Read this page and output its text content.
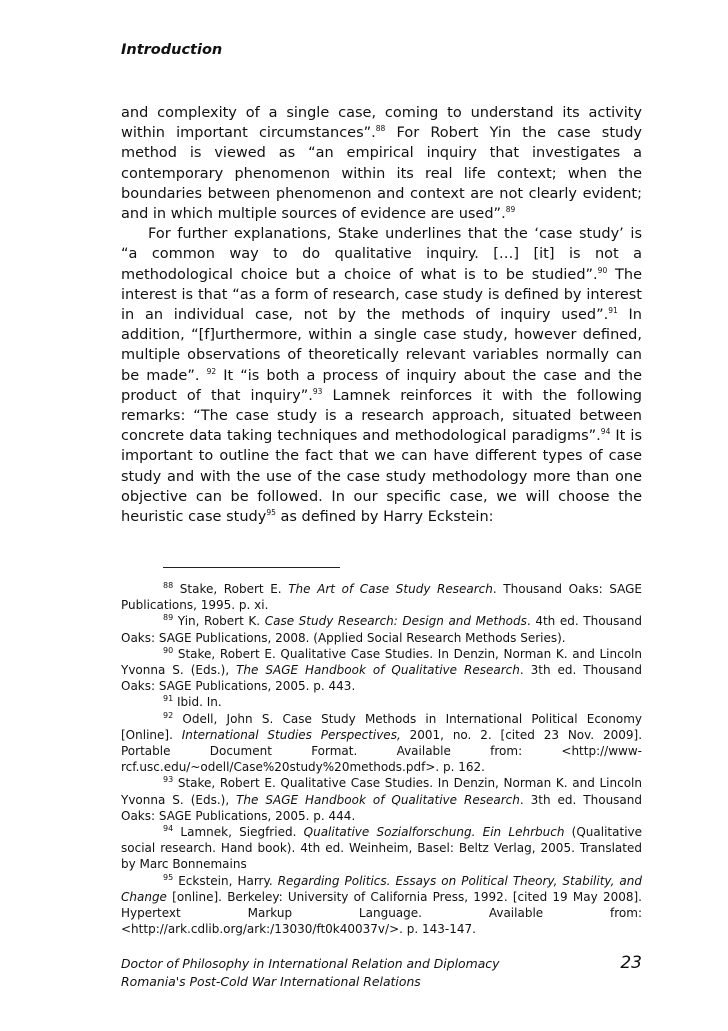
Introduction

and complexity of a single case, coming to understand its activity within important circumstances”.$^{88}$ For Robert Yin the case study method is viewed as “an empirical inquiry that investigates a contemporary phenomenon within its real life context; when the boundaries between phenomenon and context are not clearly evident; and in which multiple sources of evidence are used”.$^{89}$

For further explanations, Stake underlines that the ‘case study’ is “a common way to do qualitative inquiry. […] [it] is not a methodological choice but a choice of what is to be studied”.$^{90}$ The interest is that “as a form of research, case study is defined by interest in an individual case, not by the methods of inquiry used”.$^{91}$ In addition, “[f]urthermore, within a single case study, however defined, multiple observations of theoretically relevant variables normally can be made”. $^{92}$ It “is both a process of inquiry about the case and the product of that inquiry”.$^{93}$ Lamnek reinforces it with the following remarks: “The case study is a research approach, situated between concrete data taking techniques and methodological paradigms”.$^{94}$ It is important to outline the fact that we can have different types of case study and with the use of the case study methodology more than one objective can be followed. In our specific case, we will choose the heuristic case study$^{95}$ as defined by Harry Eckstein:

$^{88}$ Stake, Robert E. The Art of Case Study Research. Thousand Oaks: SAGE Publications, 1995. p. xi.

$^{89}$ Yin, Robert K. Case Study Research: Design and Methods. 4th ed. Thousand Oaks: SAGE Publications, 2008. (Applied Social Research Methods Series).

$^{90}$ Stake, Robert E. Qualitative Case Studies. In Denzin, Norman K. and Lincoln Yvonna S. (Eds.), The SAGE Handbook of Qualitative Research. 3th ed. Thousand Oaks: SAGE Publications, 2005. p. 443.

$^{91}$ Ibid. In.

$^{92}$ Odell, John S. Case Study Methods in International Political Economy [Online]. International Studies Perspectives, 2001, no. 2. [cited 23 Nov. 2009]. Portable Document Format. Available from: <http://www-rcf.usc.edu/~odell/Case%20study%20methods.pdf>. p. 162.

$^{93}$ Stake, Robert E. Qualitative Case Studies. In Denzin, Norman K. and Lincoln Yvonna S. (Eds.), The SAGE Handbook of Qualitative Research. 3th ed. Thousand Oaks: SAGE Publications, 2005. p. 444.

$^{94}$ Lamnek, Siegfried. Qualitative Sozialforschung. Ein Lehrbuch (Qualitative social research. Hand book). 4th ed. Weinheim, Basel: Beltz Verlag, 2005. Translated by Marc Bonnemains

$^{95}$ Eckstein, Harry. Regarding Politics. Essays on Political Theory, Stability, and Change [online]. Berkeley: University of California Press, 1992. [cited 19 May 2008]. Hypertext Markup Language. Available from: <http://ark.cdlib.org/ark:/13030/ft0k40037v/>. p. 143-147.

Doctor of Philosophy in International Relation and Diplomacy
Romania's Post-Cold War International Relations
23
